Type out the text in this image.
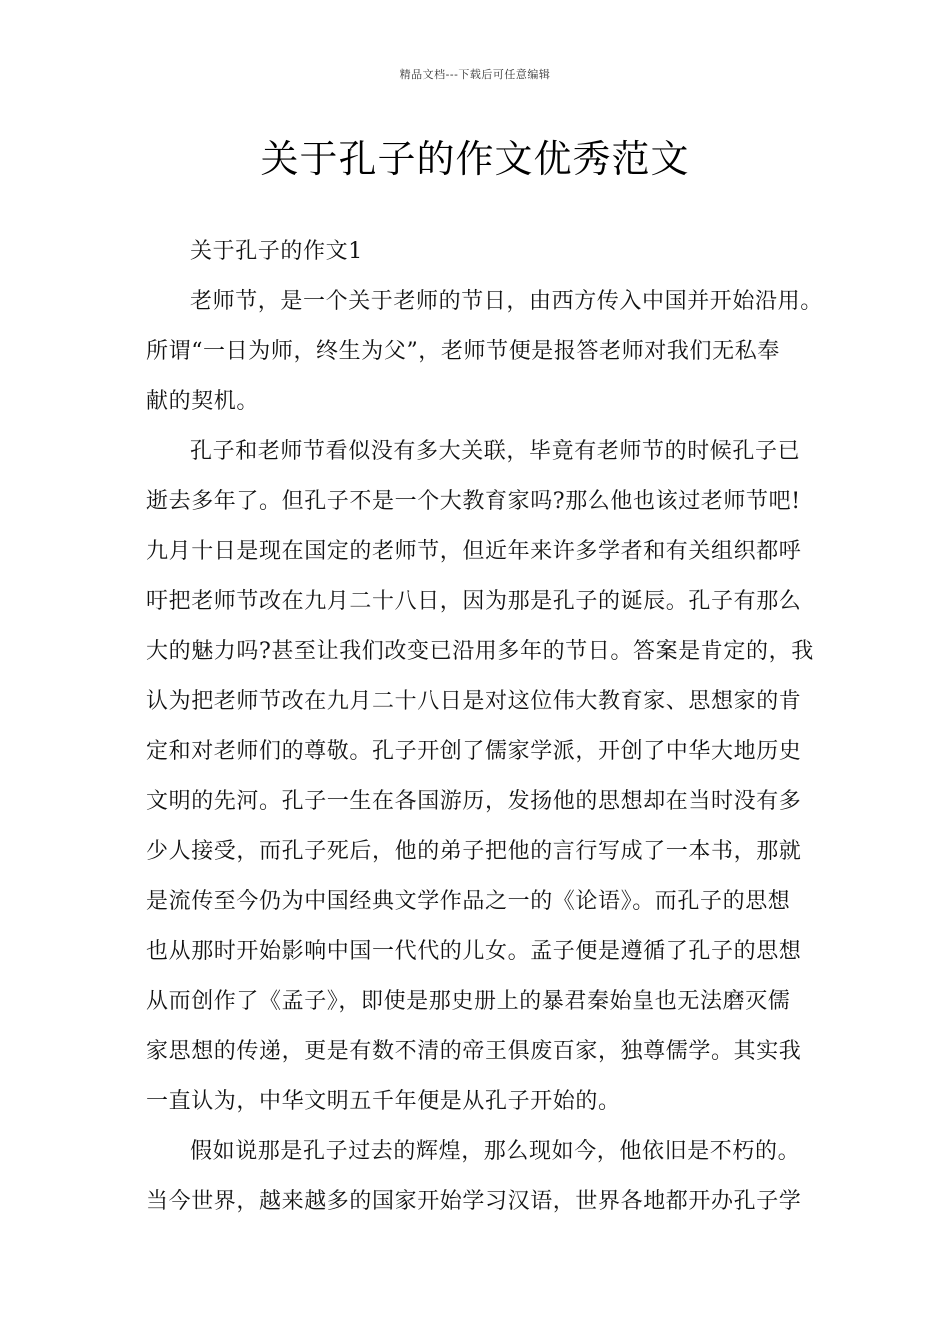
精品文档---下载后可任意编辑
关于孔子的作文优秀范文
关于孔子的作文1
老师节，是一个关于老师的节日，由西方传入中国并开始沿用。
所谓“一日为师，终生为父”，老师节便是报答老师对我们无私奉
献的契机。
孔子和老师节看似没有多大关联，毕竟有老师节的时候孔子已
逝去多年了。但孔子不是一个大教育家吗?那么他也该过老师节吧!
九月十日是现在国定的老师节，但近年来许多学者和有关组织都呼
吁把老师节改在九月二十八日，因为那是孔子的诞辰。孔子有那么
大的魅力吗?甚至让我们改变已沿用多年的节日。答案是肯定的，我
认为把老师节改在九月二十八日是对这位伟大教育家、思想家的肯
定和对老师们的尊敬。孔子开创了儒家学派，开创了中华大地历史
文明的先河。孔子一生在各国游历，发扬他的思想却在当时没有多
少人接受，而孔子死后，他的弟子把他的言行写成了一本书，那就
是流传至今仍为中国经典文学作品之一的《论语》。而孔子的思想
也从那时开始影响中国一代代的儿女。孟子便是遵循了孔子的思想
从而创作了《孟子》，即使是那史册上的暴君秦始皇也无法磨灭儒
家思想的传递，更是有数不清的帝王俱废百家，独尊儒学。其实我
一直认为，中华文明五千年便是从孔子开始的。
假如说那是孔子过去的辉煌，那么现如今，他依旧是不朽的。
当今世界，越来越多的国家开始学习汉语，世界各地都开办孔子学
